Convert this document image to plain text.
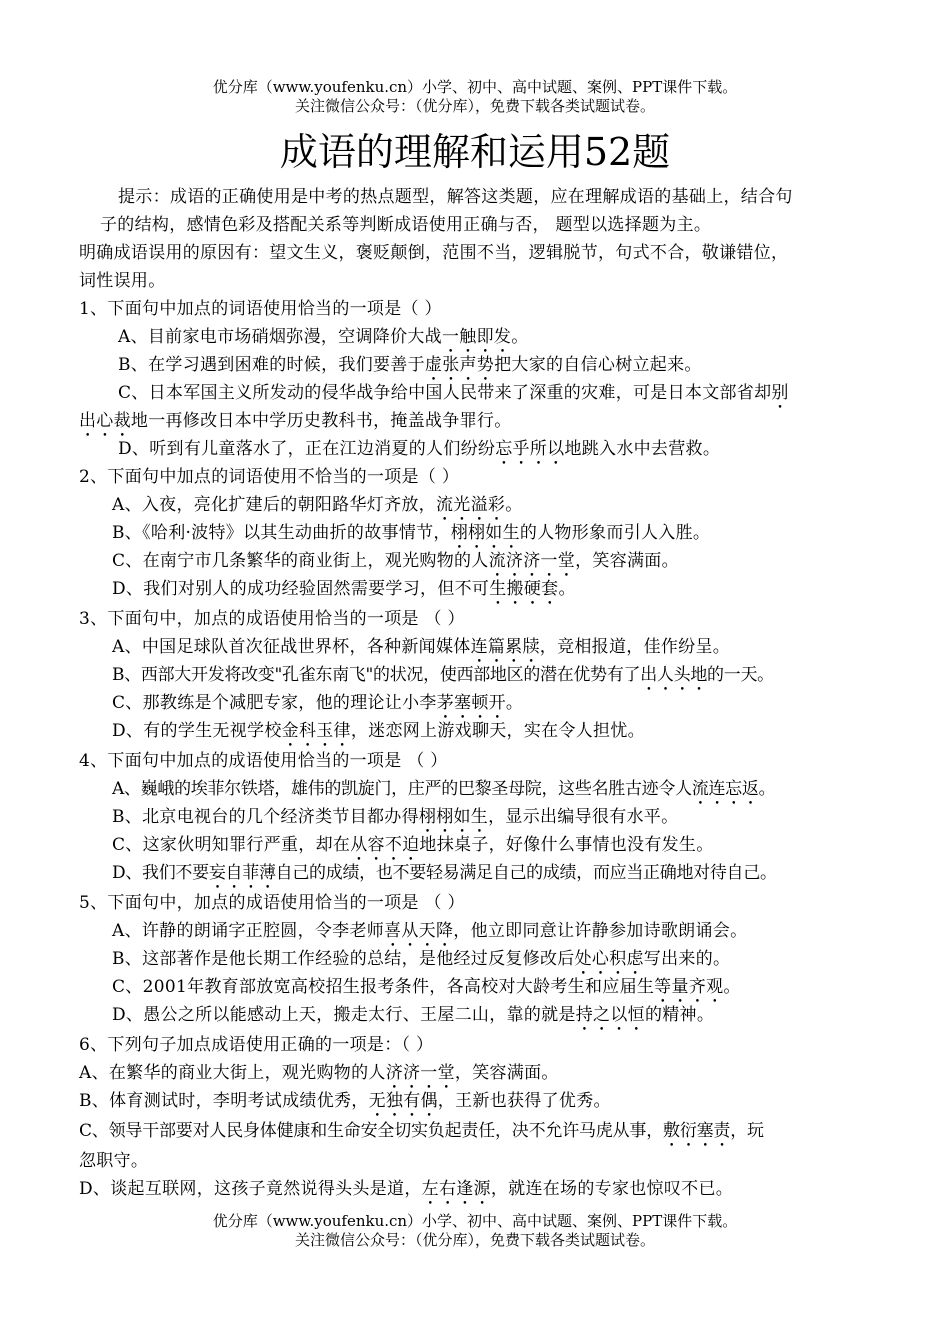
优分库（www.youfenku.cn）小学、初中、高中试题、案例、PPT课件下载。
关注微信公众号：（优分库），免费下载各类试题试卷。
成语的理解和运用52题
提示：成语的正确使用是中考的热点题型，解答这类题，应在理解成语的基础上，结合句
子的结构，感情色彩及搭配关系等判断成语使用正确与否， 题型以选择题为主。
明确成语误用的原因有：望文生义，褒贬颠倒，范围不当，逻辑脱节，句式不合，敬谦错位，
词性误用。
1、下面句中加点的词语使用恰当的一项是（ ）
A、目前家电市场硝烟弥漫，空调降价大战一触即发。
B、在学习遇到困难的时候，我们要善于虚张声势把大家的自信心树立起来。
C、日本军国主义所发动的侵华战争给中国人民带来了深重的灾难，可是日本文部省却别
出心裁地一再修改日本中学历史教科书，掩盖战争罪行。
D、听到有儿童落水了，正在江边消夏的人们纷纷忘乎所以地跳入水中去营救。
2、下面句中加点的词语使用不恰当的一项是（ ）
A、入夜，亮化扩建后的朝阳路华灯齐放，流光溢彩。
B、《哈利·波特》以其生动曲折的故事情节，栩栩如生的人物形象而引人入胜。
C、在南宁市几条繁华的商业街上，观光购物的人流济济一堂，笑容满面。
D、我们对别人的成功经验固然需要学习，但不可生搬硬套。
3、下面句中，加点的成语使用恰当的一项是 （ ）
A、中国足球队首次征战世界杯，各种新闻媒体连篇累牍，竞相报道，佳作纷呈。
B、西部大开发将改变"孔雀东南飞"的状况，使西部地区的潜在优势有了出人头地的一天。
C、那教练是个减肥专家，他的理论让小李茅塞顿开。
D、有的学生无视学校金科玉律，迷恋网上游戏聊天，实在令人担忧。
4、下面句中加点的成语使用恰当的一项是 （ ）
A、巍峨的埃菲尔铁塔，雄伟的凯旋门，庄严的巴黎圣母院，这些名胜古迹令人流连忘返。
B、北京电视台的几个经济类节目都办得栩栩如生，显示出编导很有水平。
C、这家伙明知罪行严重，却在从容不迫地抹桌子，好像什么事情也没有发生。
D、我们不要妄自菲薄自己的成绩，也不要轻易满足自己的成绩，而应当正确地对待自己。
5、下面句中，加点的成语使用恰当的一项是 （ ）
A、许静的朗诵字正腔圆，令李老师喜从天降，他立即同意让许静参加诗歌朗诵会。
B、这部著作是他长期工作经验的总结，是他经过反复修改后处心积虑写出来的。
C、2001年教育部放宽高校招生报考条件，各高校对大龄考生和应届生等量齐观。
D、愚公之所以能感动上天，搬走太行、王屋二山，靠的就是持之以恒的精神。
6、下列句子加点成语使用正确的一项是：（ ）
A、在繁华的商业大街上，观光购物的人济济一堂，笑容满面。
B、体育测试时，李明考试成绩优秀，无独有偶，王新也获得了优秀。
C、领导干部要对人民身体健康和生命安全切实负起责任，决不允许马虎从事，敷衍塞责，玩
忽职守。
D、谈起互联网，这孩子竟然说得头头是道，左右逢源，就连在场的专家也惊叹不已。
优分库（www.youfenku.cn）小学、初中、高中试题、案例、PPT课件下载。
关注微信公众号：（优分库），免费下载各类试题试卷。
